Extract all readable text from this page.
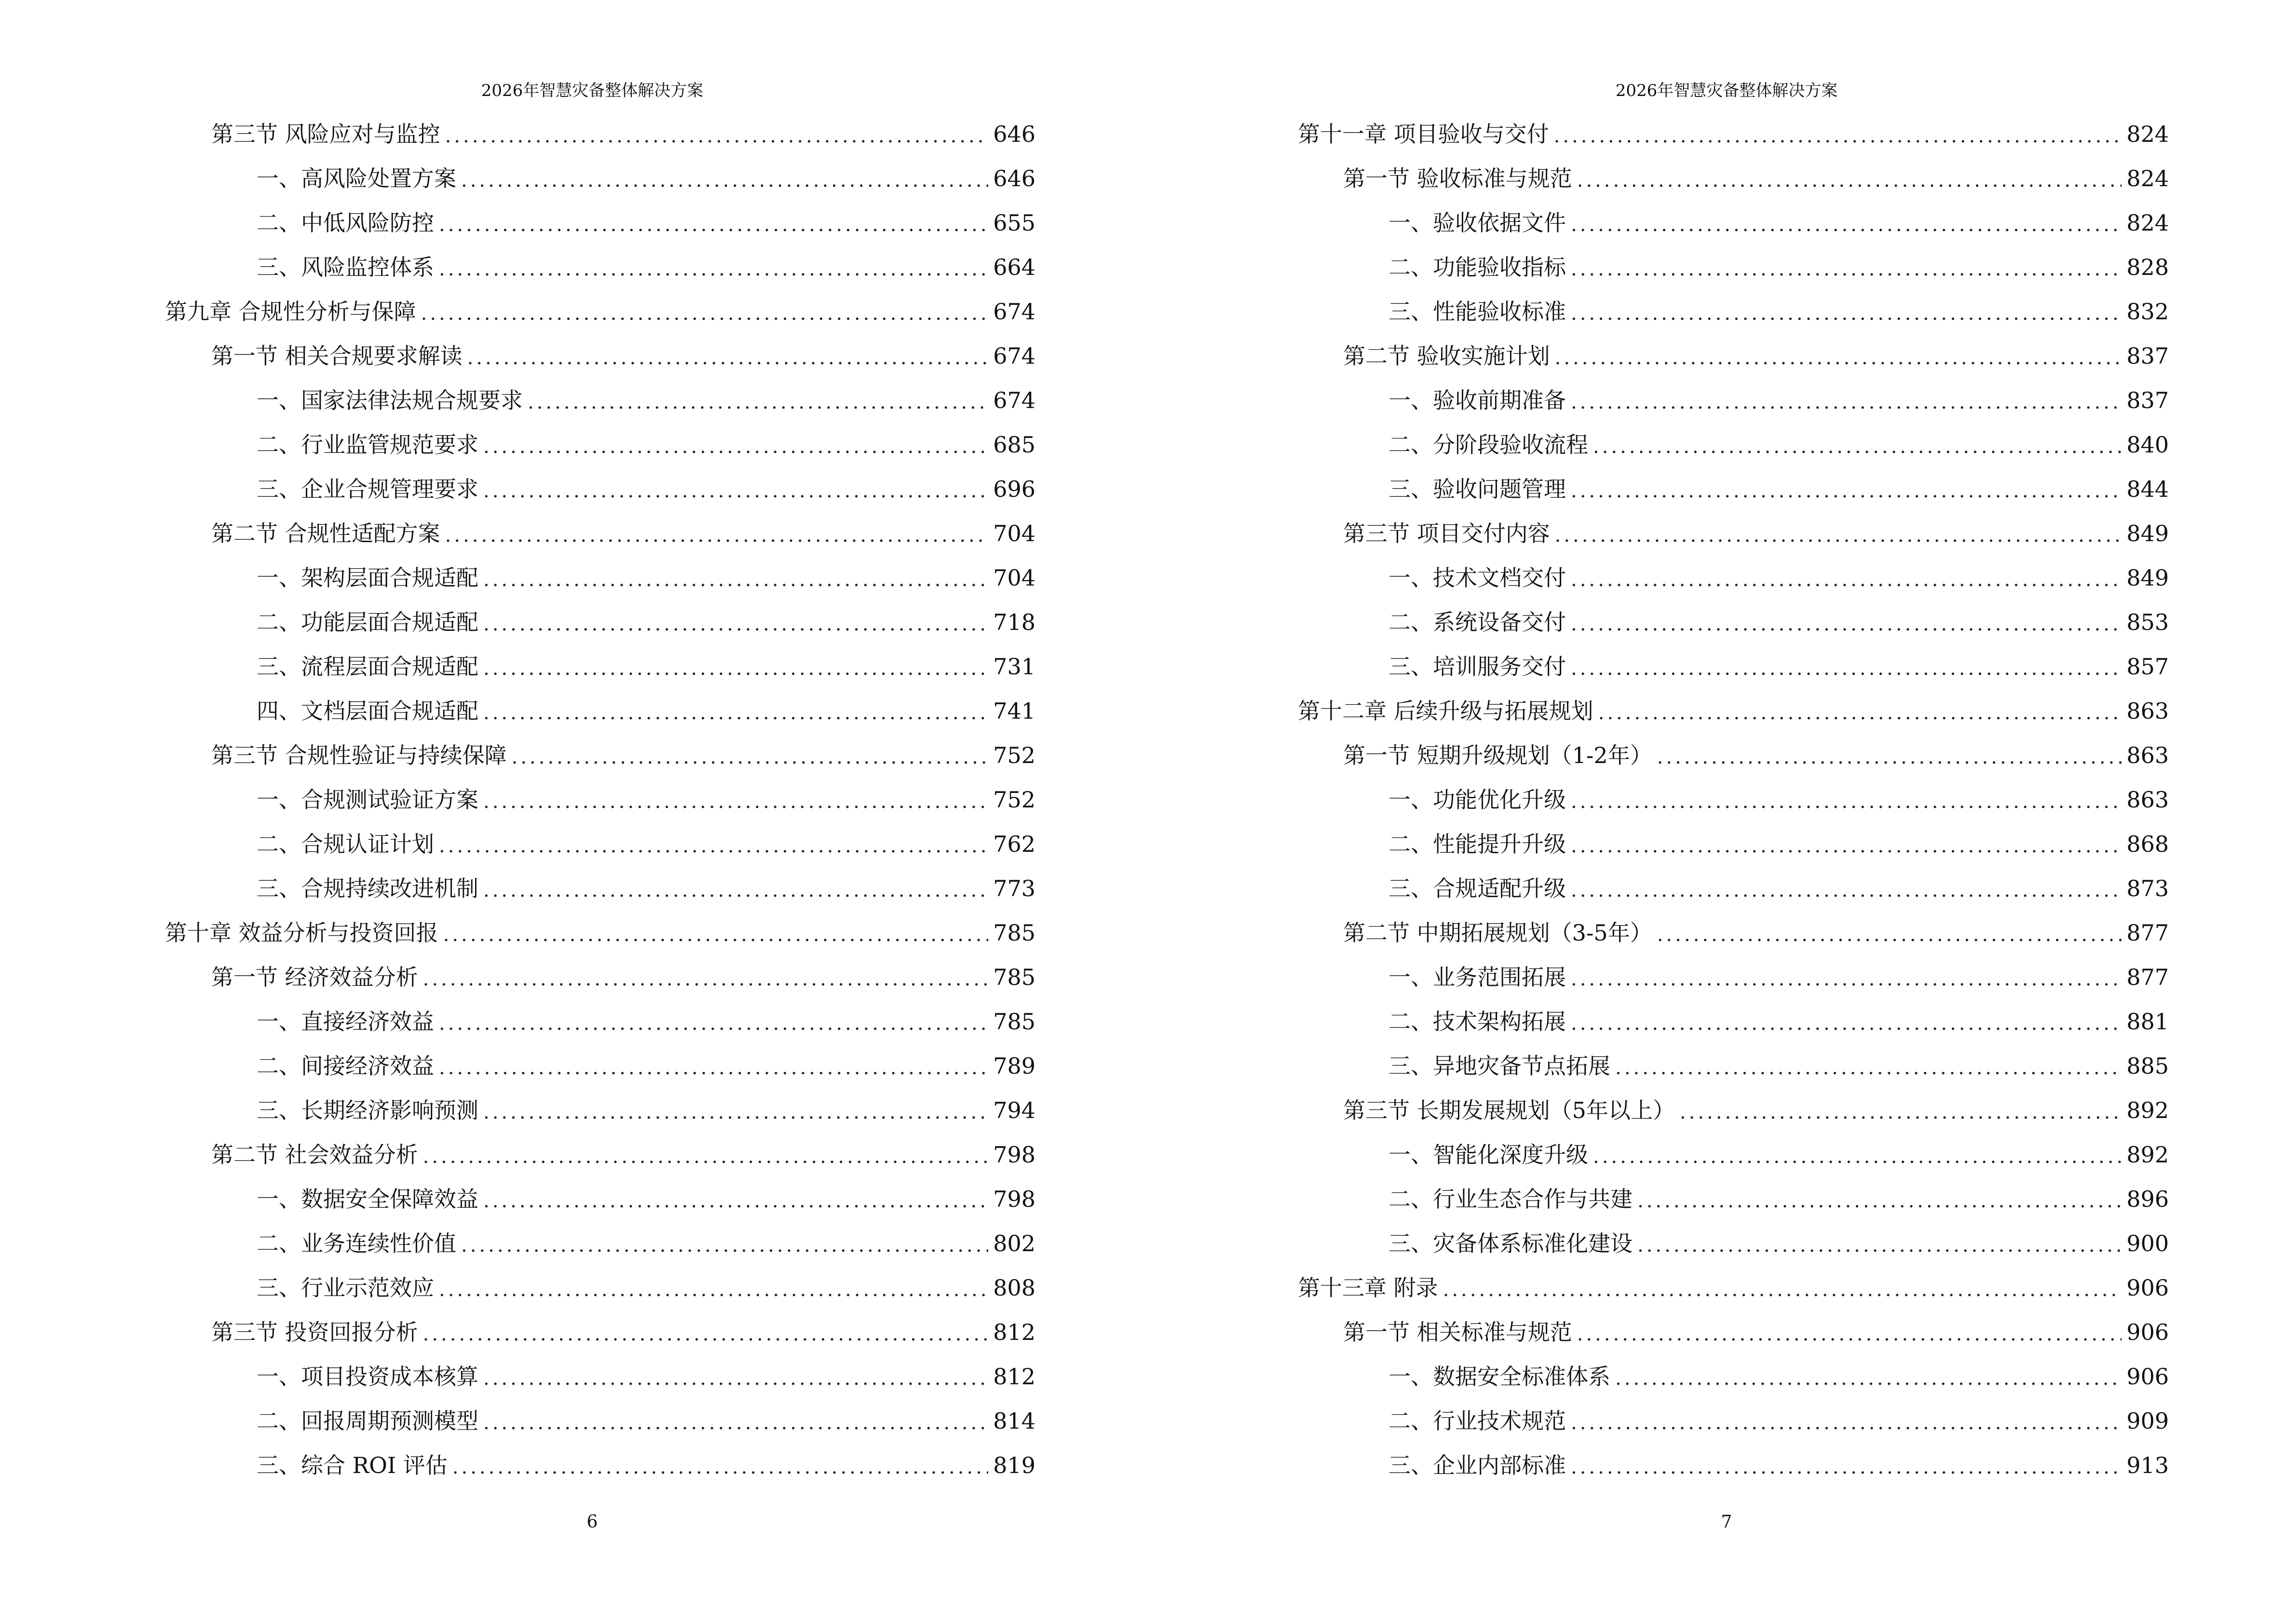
2026年智慧灾备整体解决方案
第三节 风险应对与监控 .....	646
一、高风险处置方案 .....	646
二、中低风险防控 .....	655
三、风险监控体系 .....	664
第九章 合规性分析与保障 .....	674
第一节 相关合规要求解读 .....	674
一、国家法律法规合规要求 .....	674
二、行业监管规范要求 .....	685
三、企业合规管理要求 .....	696
第二节 合规性适配方案 .....	704
一、架构层面合规适配 .....	704
二、功能层面合规适配 .....	718
三、流程层面合规适配 .....	731
四、文档层面合规适配 .....	741
第三节 合规性验证与持续保障 .....	752
一、合规测试验证方案 .....	752
二、合规认证计划 .....	762
三、合规持续改进机制 .....	773
第十章 效益分析与投资回报 .....	785
第一节 经济效益分析 .....	785
一、直接经济效益 .....	785
二、间接经济效益 .....	789
三、长期经济影响预测 .....	794
第二节 社会效益分析 .....	798
一、数据安全保障效益 .....	798
二、业务连续性价值 .....	802
三、行业示范效应 .....	808
第三节 投资回报分析 .....	812
一、项目投资成本核算 .....	812
二、回报周期预测模型 .....	814
三、综合 ROI 评估 .....	819
6
2026年智慧灾备整体解决方案
第十一章 项目验收与交付 .....	824
第一节 验收标准与规范 .....	824
一、验收依据文件 .....	824
二、功能验收指标 .....	828
三、性能验收标准 .....	832
第二节 验收实施计划 .....	837
一、验收前期准备 .....	837
二、分阶段验收流程 .....	840
三、验收问题管理 .....	844
第三节 项目交付内容 .....	849
一、技术文档交付 .....	849
二、系统设备交付 .....	853
三、培训服务交付 .....	857
第十二章 后续升级与拓展规划 .....	863
第一节 短期升级规划（1-2年） .....	863
一、功能优化升级 .....	863
二、性能提升升级 .....	868
三、合规适配升级 .....	873
第二节 中期拓展规划（3-5年） .....	877
一、业务范围拓展 .....	877
二、技术架构拓展 .....	881
三、异地灾备节点拓展 .....	885
第三节 长期发展规划（5年以上） .....	892
一、智能化深度升级 .....	892
二、行业生态合作与共建 .....	896
三、灾备体系标准化建设 .....	900
第十三章 附录 .....	906
第一节 相关标准与规范 .....	906
一、数据安全标准体系 .....	906
二、行业技术规范 .....	909
三、企业内部标准 .....	913
7
